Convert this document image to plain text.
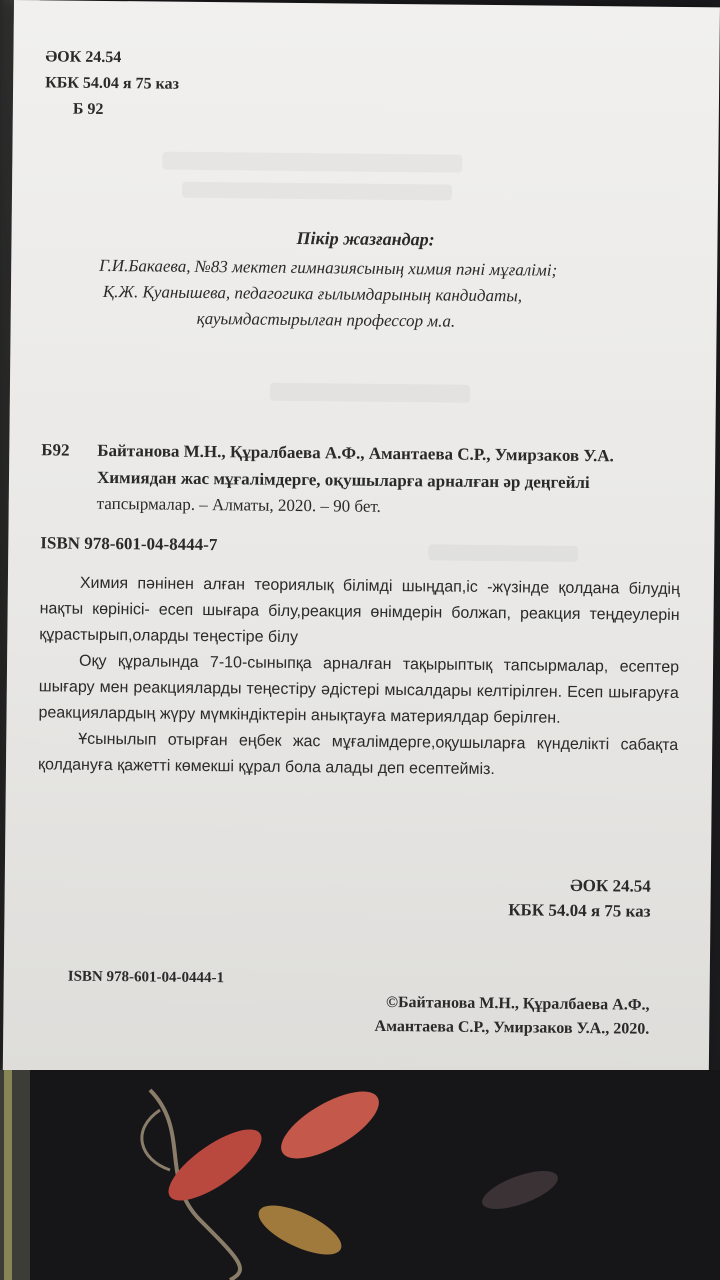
ӘОК 24.54
КБК 54.04 я 75 каз
Б 92
Пікір жазғандар:
Г.И.Бакаева, №83 мектеп гимназиясының химия пәні мұғалімі;
Қ.Ж. Қуанышева, педагогика ғылымдарының кандидаты,
қауымдастырылған профессор м.а.
Б92 Байтанова М.Н., Құралбаева А.Ф., Амантаева С.Р., Умирзаков У.А.
Химиядан жас мұғалімдерге, оқушыларға арналған әр деңгейлі
тапсырмалар. – Алматы, 2020. – 90 бет.
ISBN 978-601-04-8444-7

Химия пәнінен алған теориялық білімді шыңдап,іс -жүзінде қолдана білудің нақты көрінісі- есеп шығара білу,реакция өнімдерін болжап, реакция теңдеулерін құрастырып,оларды теңестіре білу

Оқу құралында 7-10-сыныпқа арналған тақырыптық тапсырмалар, есептер шығару мен реакцияларды теңестіру әдістері мысалдары келтірілген. Есеп шығаруға реакциялардың жүру мүмкіндіктерін анықтауға материялдар берілген.

Ұсынылып отырған еңбек жас мұғалімдерге,оқушыларға күнделікті сабақта қолдануға қажетті көмекші құрал бола алады деп есептейміз.

ӘОК 24.54
КБК 54.04 я 75 каз
ISBN 978-601-04-0444-1
©Байтанова М.Н., Құралбаева А.Ф.,
Амантаева С.Р., Умирзаков У.А., 2020.
